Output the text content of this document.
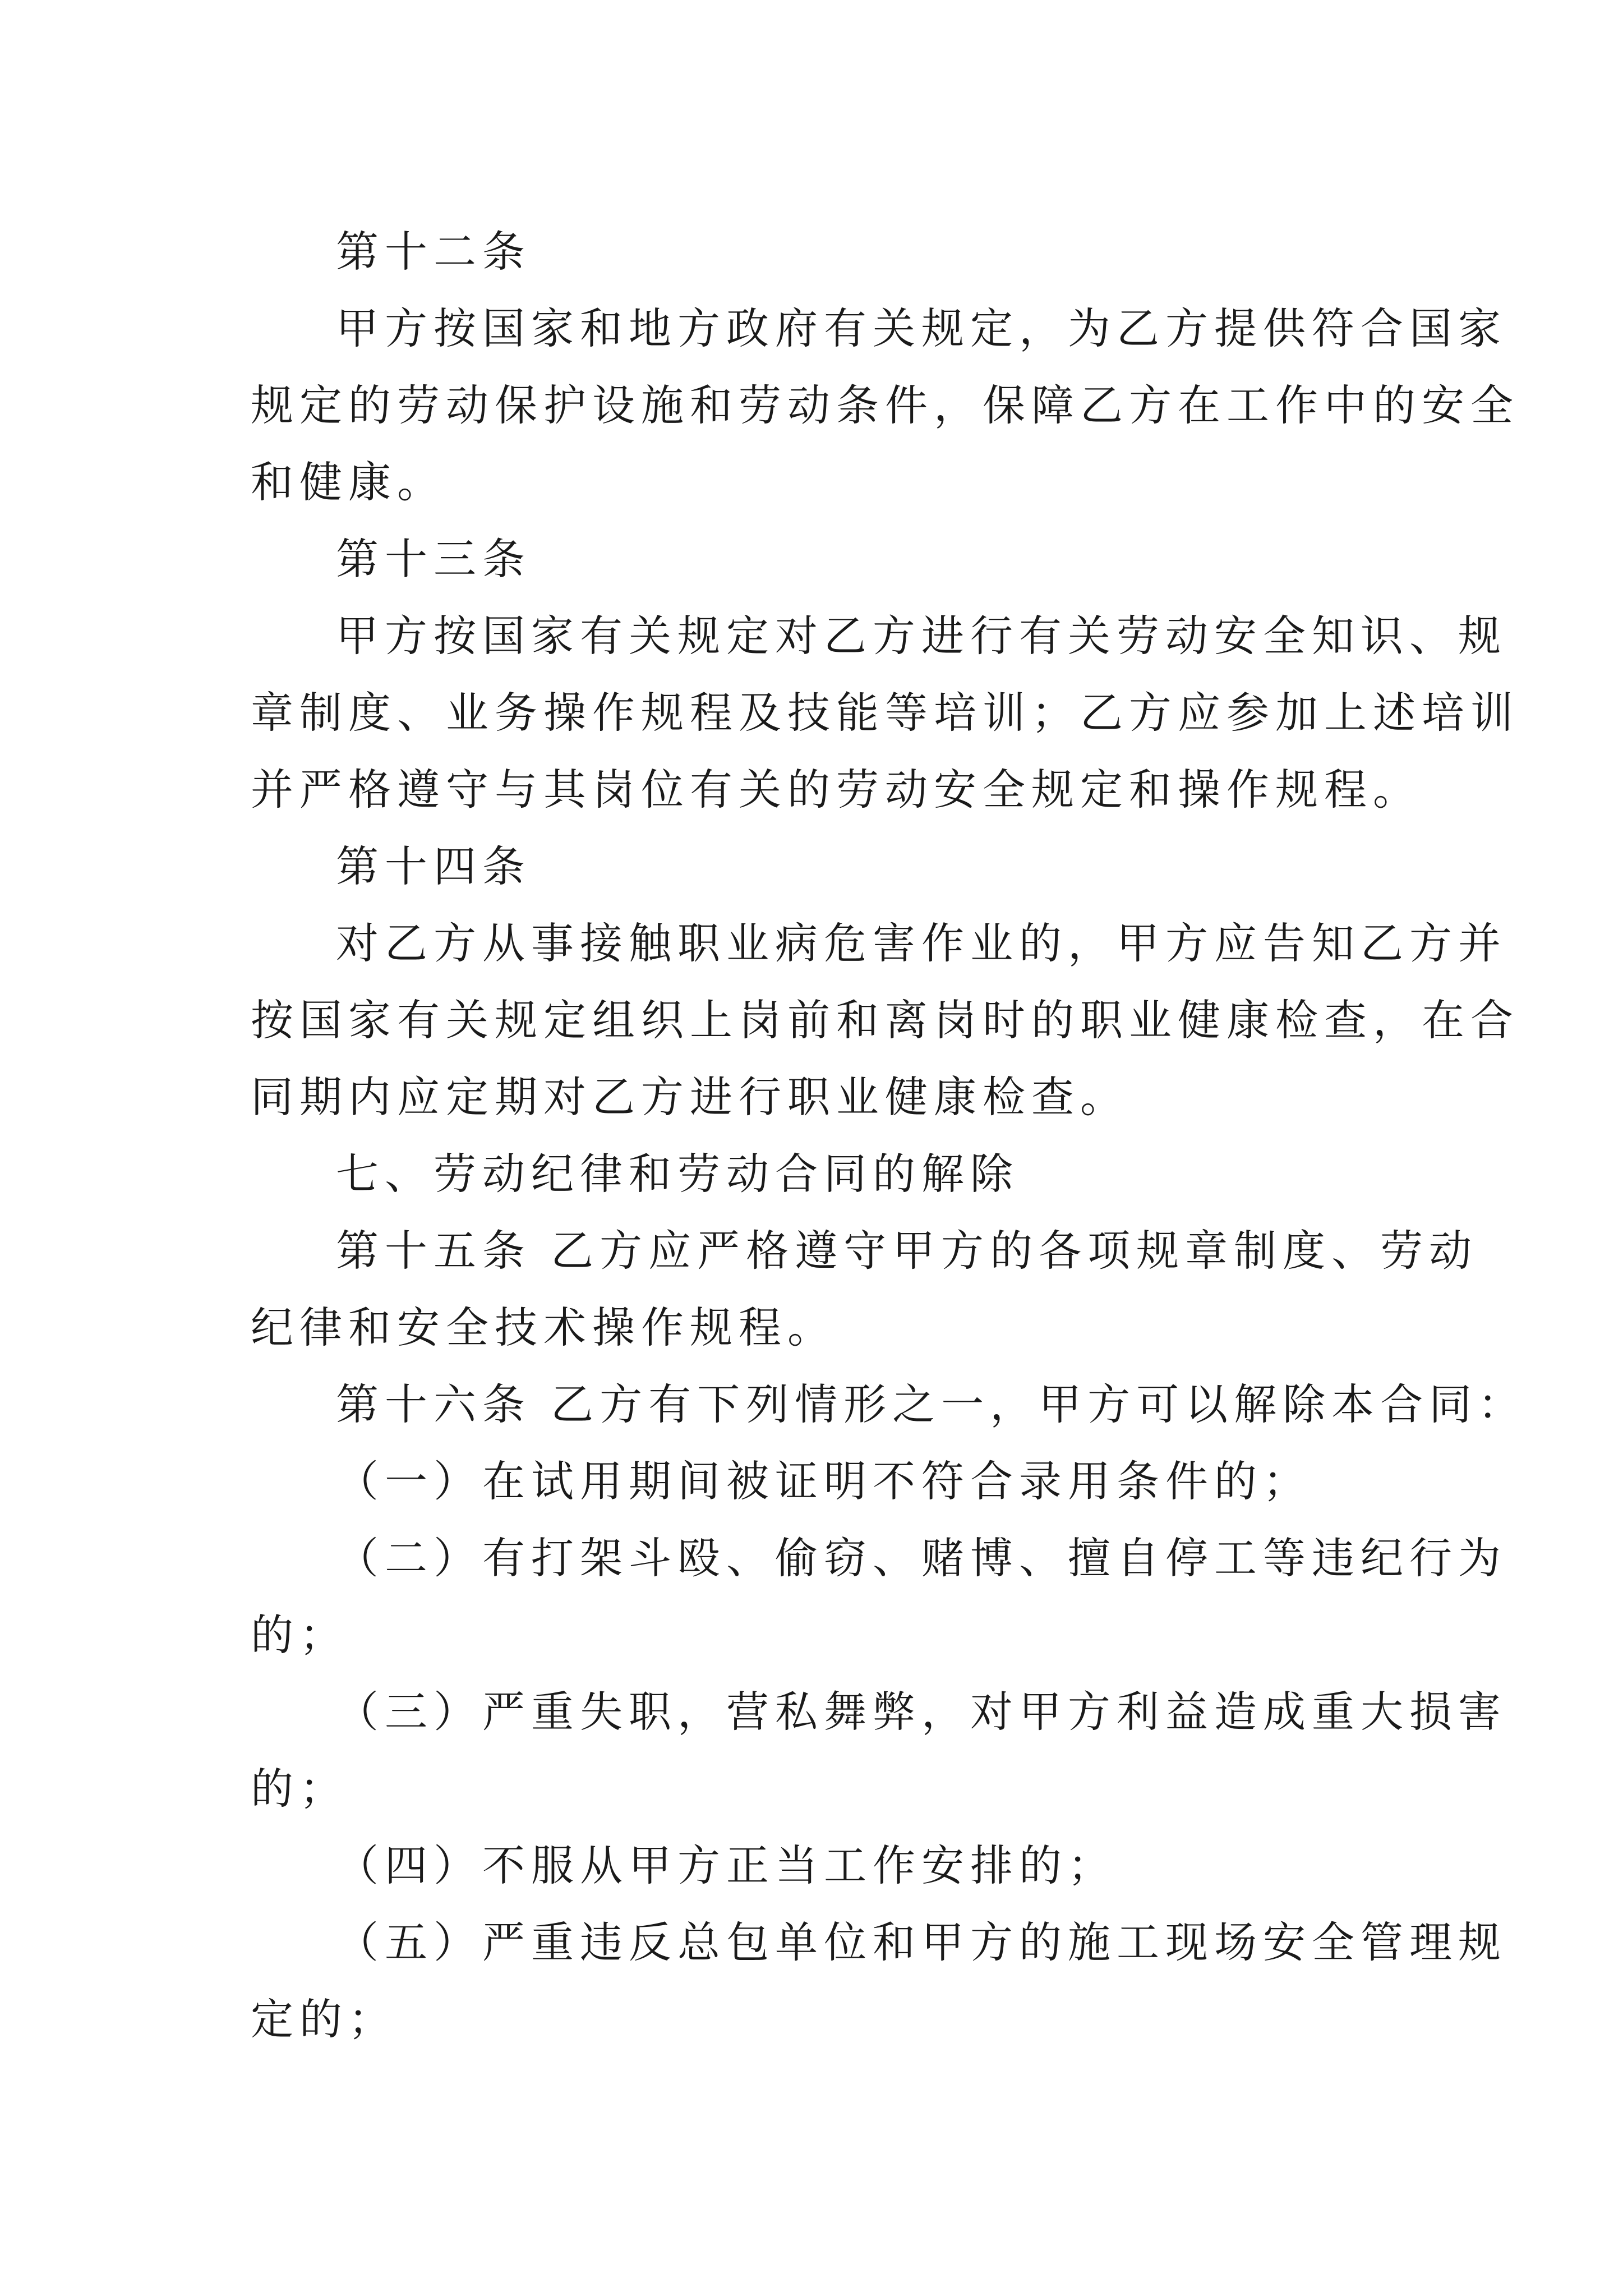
第十二条
甲方按国家和地方政府有关规定，为乙方提供符合国家
规定的劳动保护设施和劳动条件，保障乙方在工作中的安全
和健康。
第十三条
甲方按国家有关规定对乙方进行有关劳动安全知识、规
章制度、业务操作规程及技能等培训；乙方应参加上述培训
并严格遵守与其岗位有关的劳动安全规定和操作规程。
第十四条
对乙方从事接触职业病危害作业的，甲方应告知乙方并
按国家有关规定组织上岗前和离岗时的职业健康检查，在合
同期内应定期对乙方进行职业健康检查。
七、劳动纪律和劳动合同的解除
第十五条 乙方应严格遵守甲方的各项规章制度、劳动
纪律和安全技术操作规程。
第十六条 乙方有下列情形之一，甲方可以解除本合同：
（一）在试用期间被证明不符合录用条件的；
（二）有打架斗殴、偷窃、赌博、擅自停工等违纪行为
的；
（三）严重失职，营私舞弊，对甲方利益造成重大损害
的；
（四）不服从甲方正当工作安排的；
（五）严重违反总包单位和甲方的施工现场安全管理规
定的；
